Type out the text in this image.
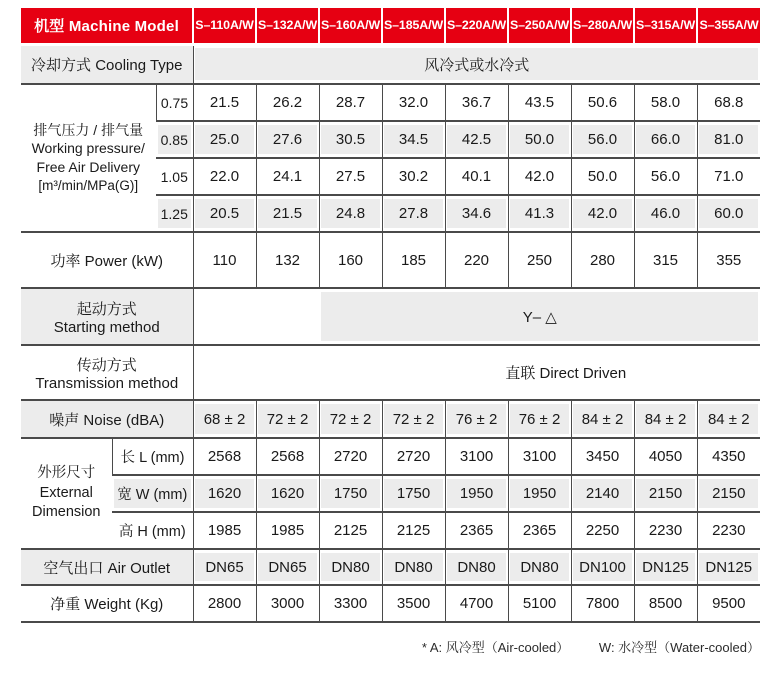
机型 Machine Model			S–110A/W	S–132A/W	S–160A/W	S–185A/W	S–220A/W	S–250A/W	S–280A/W	S–315A/W	S–355A/W
冷却方式 Cooling Type			风冷式或水冷式								
排气压力 / 排气量
Working pressure/
Free Air Delivery
[m³/min/MPa(G)]		0.75	21.5	26.2	28.7	32.0	36.7	43.5	50.6	58.0	68.8
		0.85	25.0	27.6	30.5	34.5	42.5	50.0	56.0	66.0	81.0
		1.05	22.0	24.1	27.5	30.2	40.1	42.0	50.0	56.0	71.0
		1.25	20.5	21.5	24.8	27.8	34.6	41.3	42.0	46.0	60.0
功率 Power (kW)			110	132	160	185	220	250	280	315	355
起动方式
Starting method			Y– △								
传动方式
Transmission method			直联 Direct Driven								
噪声 Noise (dBA)			68 ± 2	72 ± 2	72 ± 2	72 ± 2	76 ± 2	76 ± 2	84 ± 2	84 ± 2	84 ± 2
外形尺寸
External
Dimension	长 L (mm)		2568	2568	2720	2720	3100	3100	3450	4050	4350
	宽 W (mm)		1620	1620	1750	1750	1950	1950	2140	2150	2150
	高 H (mm)		1985	1985	2125	2125	2365	2365	2250	2230	2230
空气出口 Air Outlet			DN65	DN65	DN80	DN80	DN80	DN80	DN100	DN125	DN125
净重 Weight (Kg)			2800	3000	3300	3500	4700	5100	7800	8500	9500
* A: 风冷型（Air-cooled） W: 水冷型（Water-cooled）
